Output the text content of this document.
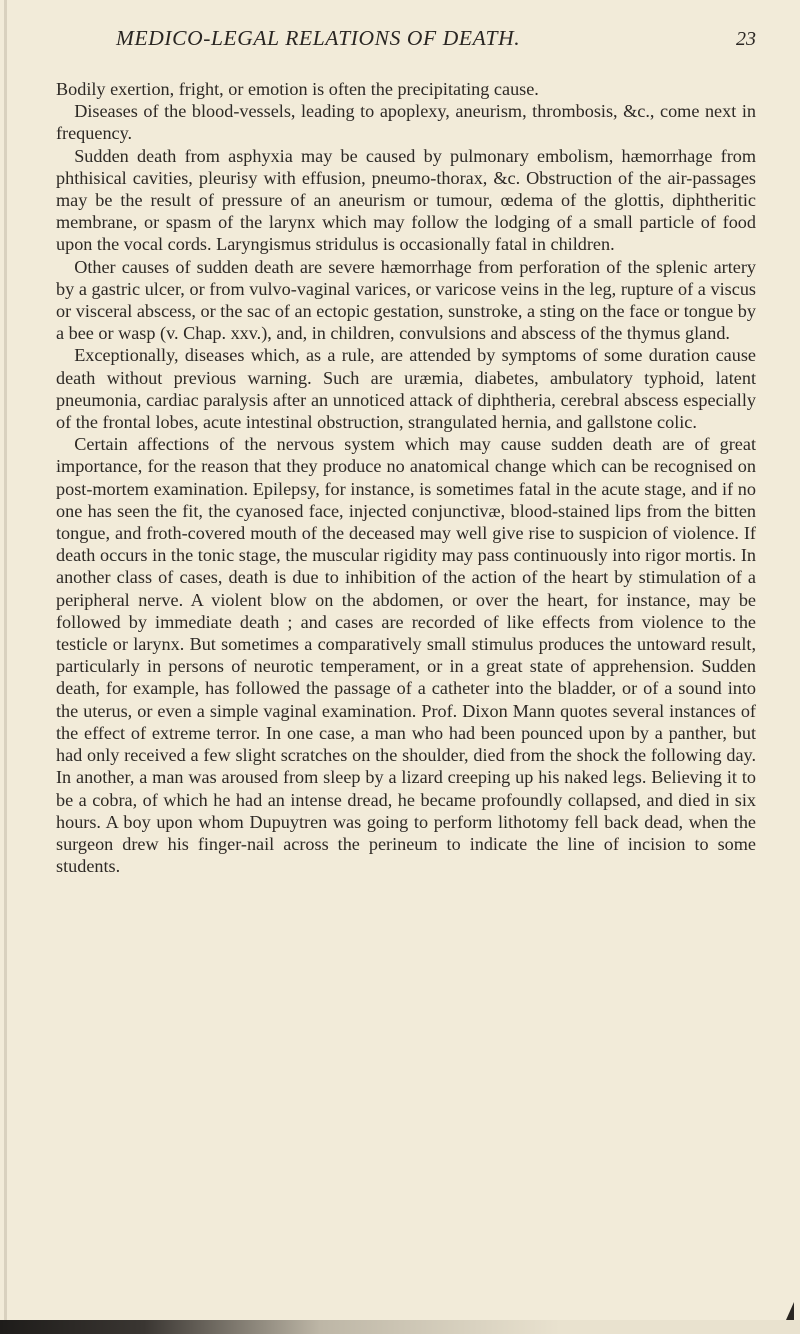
MEDICO-LEGAL RELATIONS OF DEATH.	23

Bodily exertion, fright, or emotion is often the precipitating cause.

Diseases of the blood-vessels, leading to apoplexy, aneurism, thrombosis, &c., come next in frequency.

Sudden death from asphyxia may be caused by pulmonary embolism, hæmorrhage from phthisical cavities, pleurisy with effusion, pneumo-thorax, &c. Obstruction of the air-passages may be the result of pressure of an aneurism or tumour, œdema of the glottis, diphtheritic membrane, or spasm of the larynx which may follow the lodging of a small particle of food upon the vocal cords. Laryngismus stridulus is occasionally fatal in children.

Other causes of sudden death are severe hæmorrhage from perforation of the splenic artery by a gastric ulcer, or from vulvo-vaginal varices, or varicose veins in the leg, rupture of a viscus or visceral abscess, or the sac of an ectopic gestation, sunstroke, a sting on the face or tongue by a bee or wasp (v. Chap. xxv.), and, in children, convulsions and abscess of the thymus gland.

Exceptionally, diseases which, as a rule, are attended by symptoms of some duration cause death without previous warning. Such are uræmia, diabetes, ambulatory typhoid, latent pneumonia, cardiac paralysis after an unnoticed attack of diphtheria, cerebral abscess especially of the frontal lobes, acute intestinal obstruction, strangulated hernia, and gallstone colic.

Certain affections of the nervous system which may cause sudden death are of great importance, for the reason that they produce no anatomical change which can be recognised on post-mortem examination. Epilepsy, for instance, is sometimes fatal in the acute stage, and if no one has seen the fit, the cyanosed face, injected conjunctivæ, blood-stained lips from the bitten tongue, and froth-covered mouth of the deceased may well give rise to suspicion of violence. If death occurs in the tonic stage, the muscular rigidity may pass continuously into rigor mortis. In another class of cases, death is due to inhibition of the action of the heart by stimulation of a peripheral nerve. A violent blow on the abdomen, or over the heart, for instance, may be followed by immediate death ; and cases are recorded of like effects from violence to the testicle or larynx. But sometimes a comparatively small stimulus produces the untoward result, particularly in persons of neurotic temperament, or in a great state of apprehension. Sudden death, for example, has followed the passage of a catheter into the bladder, or of a sound into the uterus, or even a simple vaginal examination. Prof. Dixon Mann quotes several instances of the effect of extreme terror. In one case, a man who had been pounced upon by a panther, but had only received a few slight scratches on the shoulder, died from the shock the following day. In another, a man was aroused from sleep by a lizard creeping up his naked legs. Believing it to be a cobra, of which he had an intense dread, he became profoundly collapsed, and died in six hours. A boy upon whom Dupuytren was going to perform lithotomy fell back dead, when the surgeon drew his finger-nail across the perineum to indicate the line of incision to some students.
